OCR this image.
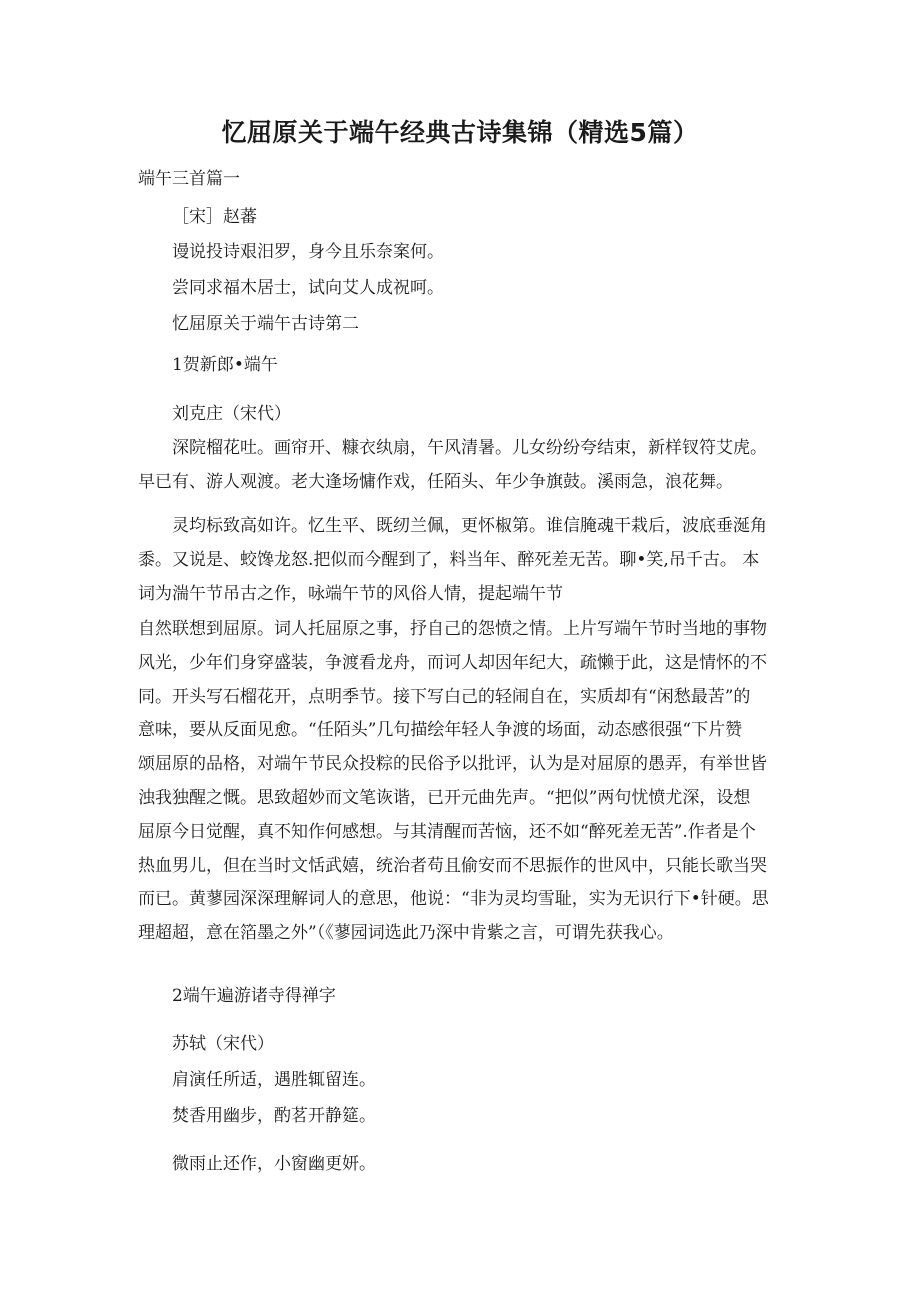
忆屈原关于端午经典古诗集锦（精选5篇）

端午三首篇一

［宋］赵蕃

谩说投诗艰汨罗，身今且乐奈案何。

尝同求福木居士，试向艾人成祝呵。

忆屈原关于端午古诗第二

1贺新郎•端午

刘克庄（宋代）

深院榴花吐。画帘开、糠衣纨扇，午风清暑。儿女纷纷夸结束，新样钗符艾虎。
早已有、游人观渡。老大逢场慵作戏，任陌头、年少争旗鼓。溪雨急，浪花舞。
灵均标致高如许。忆生平、既纫兰佩，更怀椒第。谁信腌魂干栽后，波底垂涎角
黍。又说是、蛟馋龙怒.把似而今醒到了，料当年、醉死差无苦。聊•笑,吊千古。 本
词为湍午节吊古之作，咏端午节的风俗人情，提起端午节
自然联想到屈原。词人托屈原之事，抒自己的怨愤之情。上片写端午节时当地的事物
风光，少年们身穿盛装，争渡看龙舟，而诃人却因年纪大，疏懒于此，这是情怀的不
同。开头写石榴花开，点明季节。接下写白己的轻闹自在，实质却有“闲愁最苦”的
意味，要从反面见愈。“任陌头”几句描绘年轻人争渡的场面，动态感很强“下片赞
颂屈原的品格，对端午节民众投粽的民俗予以批评，认为是对屈原的愚弄，有举世皆
浊我独醒之慨。思致超妙而文笔诙谐，已开元曲先声。“把似”两句忧愤尤深，设想
屈原今日觉醒，真不知作何感想。与其清醒而苦恼，还不如“醉死差无苦”.作者是个
热血男儿，但在当时文恬武嬉，统治者苟且偷安而不思振作的世风中，只能长歌当哭
而已。黄蓼园深深理解词人的意思，他说：“非为灵均雪耻，实为无识行下•针硬。思
理超超，意在箔墨之外”（《蓼园词选此乃深中肯紫之言，可谓先获我心。

2端午遍游诸寺得禅字

苏轼（宋代）

肩演任所适，遇胜辄留连。

焚香用幽步，酌茗开静筵。

微雨止还作，小窗幽更妍。
